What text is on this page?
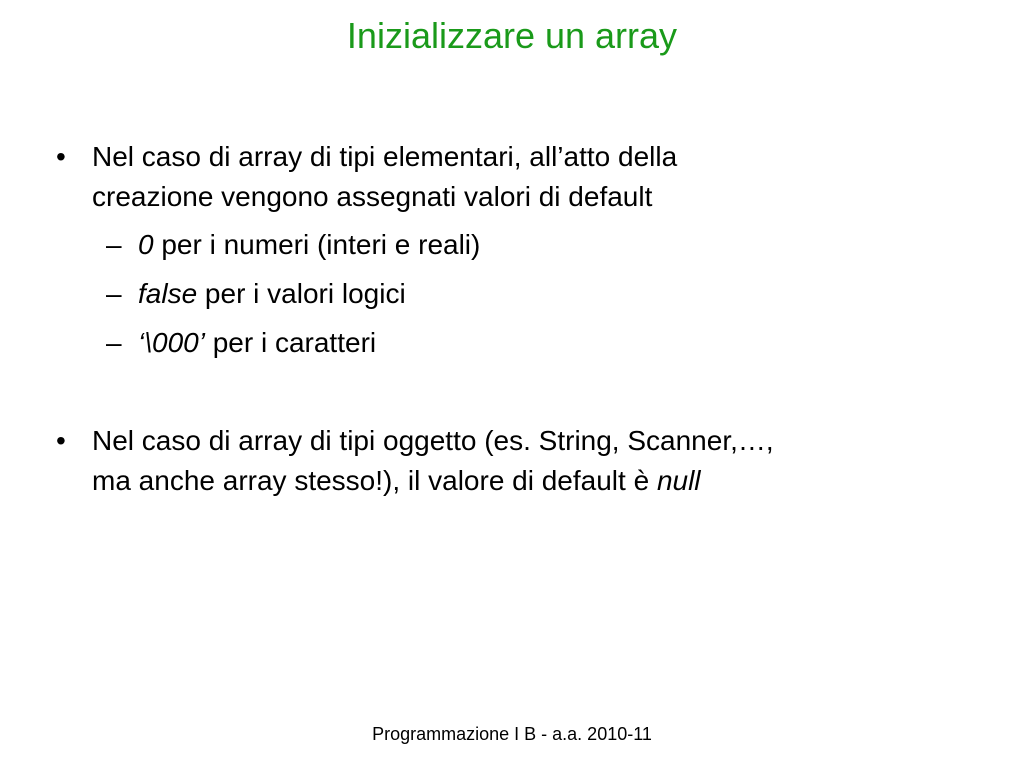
Inizializzare un array
• Nel caso di array di tipi elementari, all’atto della
creazione vengono assegnati valori di default
– 0 per i numeri (interi e reali)
– false per i valori logici
– ‘\000’ per i caratteri
• Nel caso di array di tipi oggetto (es. String, Scanner,…,
ma anche array stesso!), il valore di default è null
Programmazione I B - a.a. 2010-11
